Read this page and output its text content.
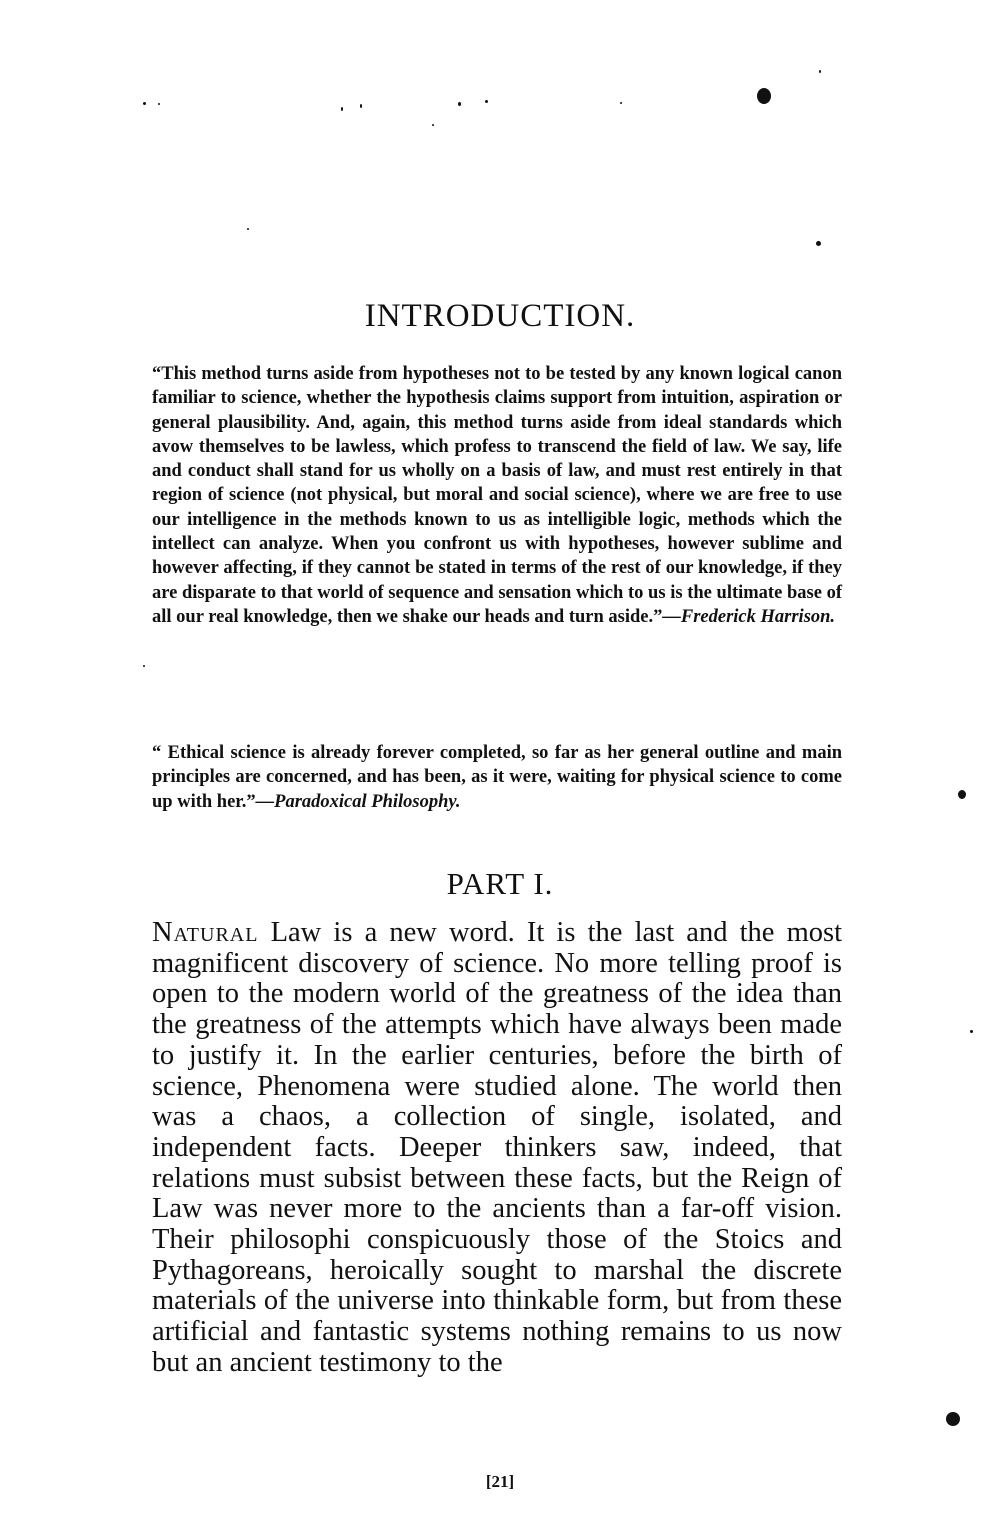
INTRODUCTION.

“This method turns aside from hypotheses not to be tested by any known logical canon familiar to science, whether the hypothesis claims support from intuition, aspiration or general plausibility. And, again, this method turns aside from ideal standards which avow themselves to be lawless, which profess to transcend the field of law. We say, life and conduct shall stand for us wholly on a basis of law, and must rest entirely in that region of science (not physical, but moral and social science), where we are free to use our intelligence in the methods known to us as intelligible logic, methods which the intellect can analyze. When you confront us with hypotheses, however sublime and however affecting, if they cannot be stated in terms of the rest of our knowledge, if they are disparate to that world of sequence and sensation which to us is the ultimate base of all our real knowledge, then we shake our heads and turn aside.”—Frederick Harrison.

“ Ethical science is already forever completed, so far as her general outline and main principles are concerned, and has been, as it were, waiting for physical science to come up with her.”—Paradoxical Philosophy.

PART I.

Natural Law is a new word. It is the last and the most magnificent discovery of science. No more telling proof is open to the modern world of the greatness of the idea than the greatness of the attempts which have always been made to justify it. In the earlier centuries, before the birth of science, Phenomena were studied alone. The world then was a chaos, a collection of single, isolated, and independent facts. Deeper thinkers saw, indeed, that relations must subsist between these facts, but the Reign of Law was never more to the ancients than a far-off vision. Their philosophi conspicuously those of the Stoics and Pythagoreans, heroically sought to marshal the discrete materials of the universe into thinkable form, but from these artificial and fantastic systems nothing remains to us now but an ancient testimony to the

[21]
